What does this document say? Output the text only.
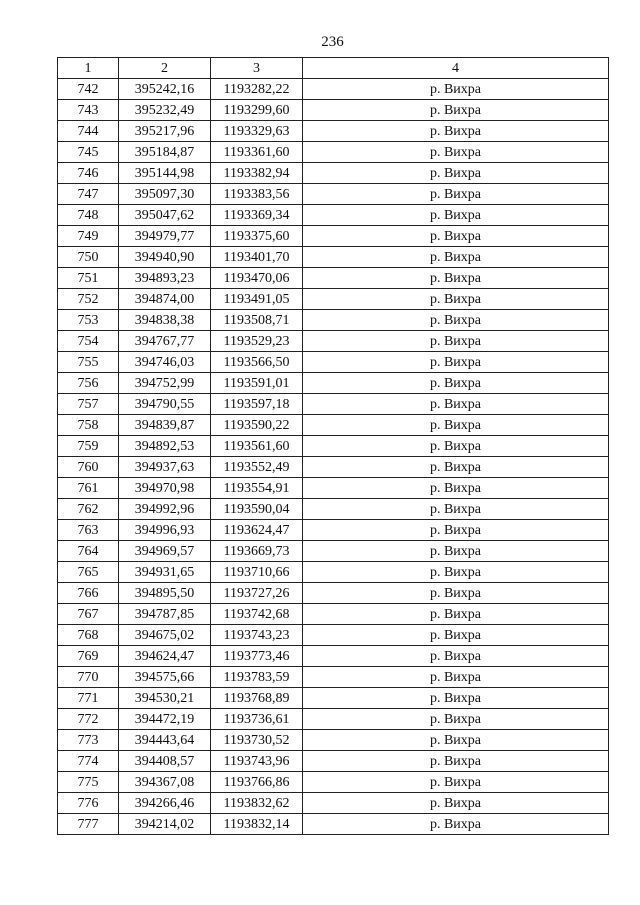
236
1	2	3	4
742	395242,16	1193282,22	р. Вихра
743	395232,49	1193299,60	р. Вихра
744	395217,96	1193329,63	р. Вихра
745	395184,87	1193361,60	р. Вихра
746	395144,98	1193382,94	р. Вихра
747	395097,30	1193383,56	р. Вихра
748	395047,62	1193369,34	р. Вихра
749	394979,77	1193375,60	р. Вихра
750	394940,90	1193401,70	р. Вихра
751	394893,23	1193470,06	р. Вихра
752	394874,00	1193491,05	р. Вихра
753	394838,38	1193508,71	р. Вихра
754	394767,77	1193529,23	р. Вихра
755	394746,03	1193566,50	р. Вихра
756	394752,99	1193591,01	р. Вихра
757	394790,55	1193597,18	р. Вихра
758	394839,87	1193590,22	р. Вихра
759	394892,53	1193561,60	р. Вихра
760	394937,63	1193552,49	р. Вихра
761	394970,98	1193554,91	р. Вихра
762	394992,96	1193590,04	р. Вихра
763	394996,93	1193624,47	р. Вихра
764	394969,57	1193669,73	р. Вихра
765	394931,65	1193710,66	р. Вихра
766	394895,50	1193727,26	р. Вихра
767	394787,85	1193742,68	р. Вихра
768	394675,02	1193743,23	р. Вихра
769	394624,47	1193773,46	р. Вихра
770	394575,66	1193783,59	р. Вихра
771	394530,21	1193768,89	р. Вихра
772	394472,19	1193736,61	р. Вихра
773	394443,64	1193730,52	р. Вихра
774	394408,57	1193743,96	р. Вихра
775	394367,08	1193766,86	р. Вихра
776	394266,46	1193832,62	р. Вихра
777	394214,02	1193832,14	р. Вихра
